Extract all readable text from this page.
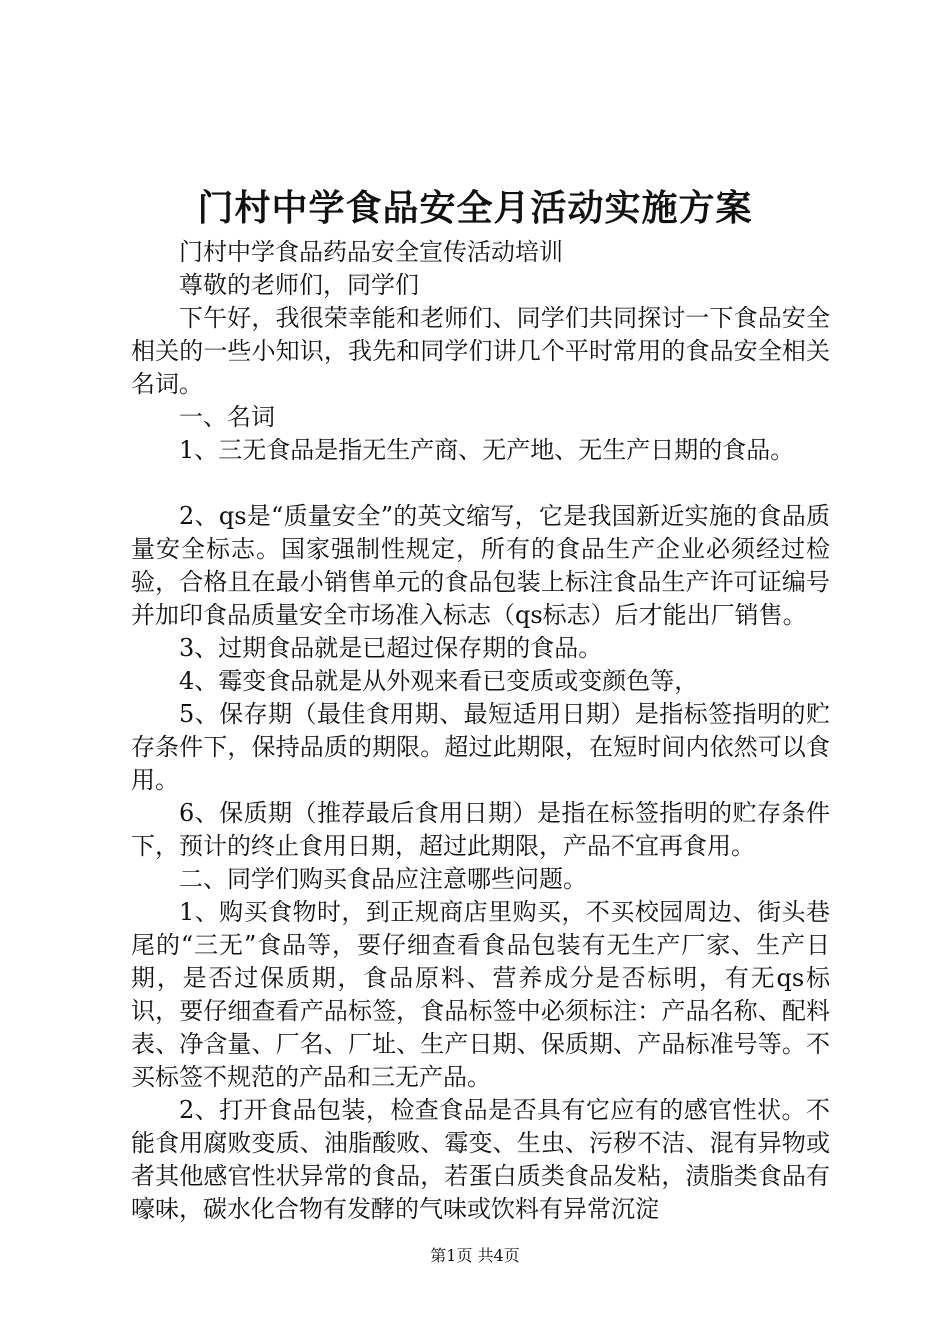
门村中学食品安全月活动实施方案

门村中学食品药品安全宣传活动培训

尊敬的老师们，同学们

下午好，我很荣幸能和老师们、同学们共同探讨一下食品安全相关的一些小知识，我先和同学们讲几个平时常用的食品安全相关名词。

一、名词

1、三无食品是指无生产商、无产地、无生产日期的食品。

2、qs是“质量安全”的英文缩写，它是我国新近实施的食品质量安全标志。国家强制性规定，所有的食品生产企业必须经过检验，合格且在最小销售单元的食品包装上标注食品生产许可证编号并加印食品质量安全市场准入标志（qs标志）后才能出厂销售。

3、过期食品就是已超过保存期的食品。

4、霉变食品就是从外观来看已变质或变颜色等，

5、保存期（最佳食用期、最短适用日期）是指标签指明的贮存条件下，保持品质的期限。超过此期限，在短时间内依然可以食用。

6、保质期（推荐最后食用日期）是指在标签指明的贮存条件下，预计的终止食用日期，超过此期限，产品不宜再食用。

二、同学们购买食品应注意哪些问题。

1、购买食物时，到正规商店里购买，不买校园周边、街头巷尾的“三无”食品等，要仔细查看食品包装有无生产厂家、生产日期，是否过保质期，食品原料、营养成分是否标明，有无qs标识，要仔细查看产品标签，食品标签中必须标注：产品名称、配料表、净含量、厂名、厂址、生产日期、保质期、产品标准号等。不买标签不规范的产品和三无产品。

2、打开食品包装，检查食品是否具有它应有的感官性状。不能食用腐败变质、油脂酸败、霉变、生虫、污秽不洁、混有异物或者其他感官性状异常的食品，若蛋白质类食品发粘，渍脂类食品有嚎味，碳水化合物有发酵的气味或饮料有异常沉淀

第1页 共4页
